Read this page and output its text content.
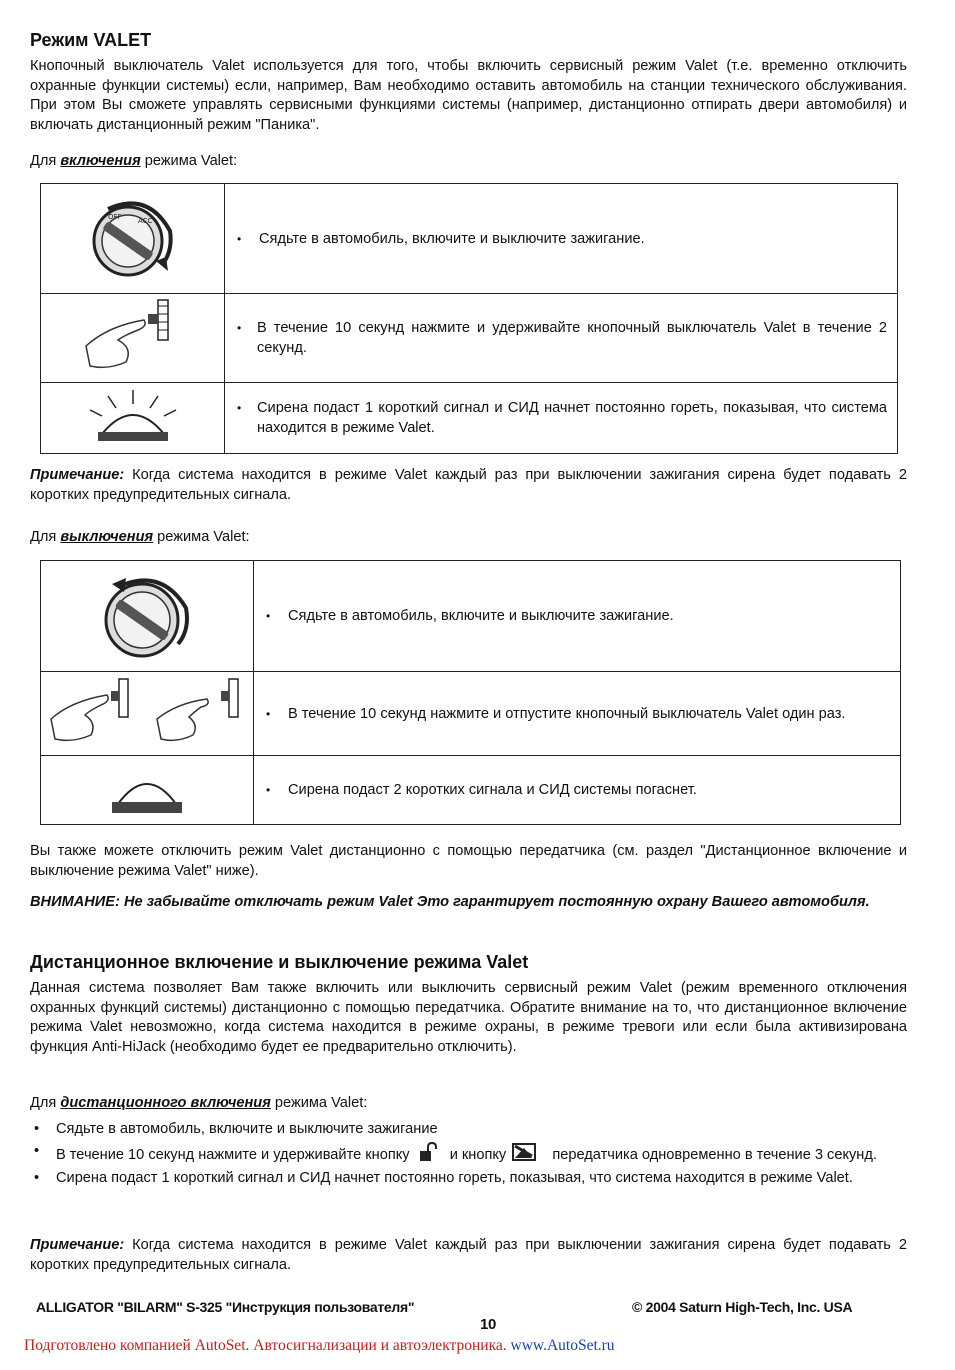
Режим VALET
Кнопочный выключатель Valet используется для того, чтобы включить сервисный режим Valet (т.е. временно отключить охранные функции системы) если, например, Вам необходимо оставить автомобиль на станции технического обслуживания. При этом Вы сможете управлять сервисными функциями системы (например, дистанционно отпирать двери автомобиля) и включать дистанционный режим "Паника".
Для включения режима Valet:
OFF ACC	• Сядьте в автомобиль, включите и выключите зажигание.

• В течение 10 секунд нажмите и удерживайте кнопочный выключатель Valet в течение 2 секунд.

• Сирена подаст 1 короткий сигнал и СИД начнет постоянно гореть, показывая, что система находится в режиме Valet.
Примечание: Когда система находится в режиме Valet каждый раз при выключении зажигания сирена будет подавать 2 коротких предупредительных сигнала.
Для выключения режима Valet:

• Сядьте в автомобиль, включите и выключите зажигание.

• В течение 10 секунд нажмите и отпустите кнопочный выключатель Valet один раз.

• Сирена подаст 2 коротких сигнала и СИД системы погаснет.
Вы также можете отключить режим Valet дистанционно с помощью передатчика (см. раздел "Дистанционное включение и выключение режима Valet" ниже).
ВНИМАНИЕ: Не забывайте отключать режим Valet Это гарантирует постоянную охрану Вашего автомобиля.
Дистанционное включение и выключение режима Valet
Данная система позволяет Вам также включить или выключить сервисный режим Valet (режим временного отключения охранных функций системы) дистанционно с помощью передатчика. Обратите внимание на то, что дистанционное включение режима Valet невозможно, когда система находится в режиме охраны, в режиме тревоги или если была активизирована функция Anti-HiJack (необходимо будет ее предварительно отключить).
Для дистанционного включения режима Valet:
• Сядьте в автомобиль, включите и выключите зажигание
• В течение 10 секунд нажмите и удерживайте кнопку	и кнопку	передатчика одновременно в течение 3 секунд.
• Сирена подаст 1 короткий сигнал и СИД начнет постоянно гореть, показывая, что система находится в режиме Valet.
Примечание: Когда система находится в режиме Valet каждый раз при выключении зажигания сирена будет подавать 2 коротких предупредительных сигнала.
ALLIGATOR "BILARM" S-325 "Инструкция пользователя"	© 2004 Saturn High-Tech, Inc. USA
10
Подготовлено компанией AutoSet. Автосигнализации и автоэлектроника. www.AutoSet.ru
